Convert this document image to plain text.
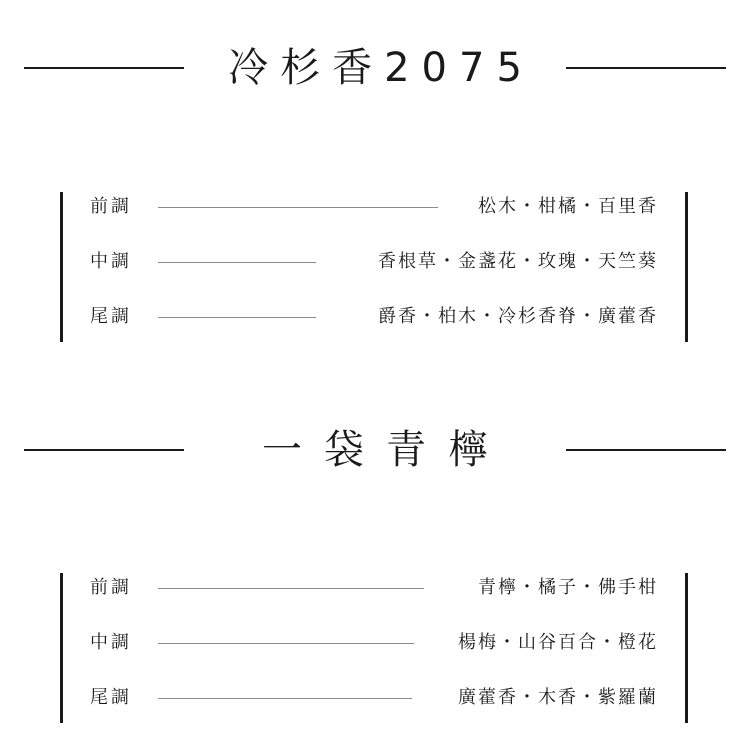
冷杉香2075
前調	松木・柑橘・百里香
中調	香根草・金盞花・玫瑰・天竺葵
尾調	爵香・柏木・冷杉香脊・廣藿香
一袋青檸
前調	青檸・橘子・佛手柑
中調	楊梅・山谷百合・橙花
尾調	廣藿香・木香・紫羅蘭
